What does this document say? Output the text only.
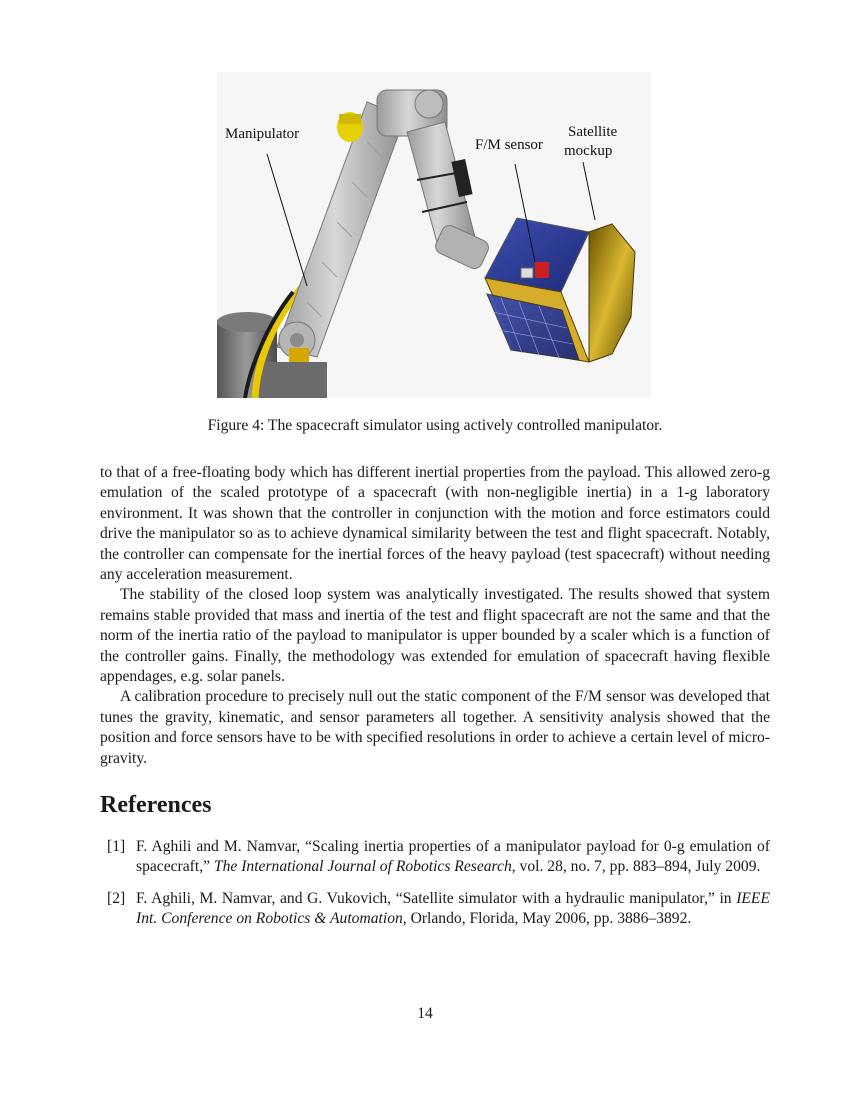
Manipulator
F/M sensor
Satellite
mockup
Figure 4: The spacecraft simulator using actively controlled manipulator.

to that of a free-floating body which has different inertial properties from the payload. This allowed zero-g emulation of the scaled prototype of a spacecraft (with non-negligible inertia) in a 1-g laboratory environment. It was shown that the controller in conjunction with the motion and force estimators could drive the manipulator so as to achieve dynamical similarity between the test and flight spacecraft. Notably, the controller can compensate for the inertial forces of the heavy payload (test spacecraft) without needing any acceleration measurement.

The stability of the closed loop system was analytically investigated. The results showed that system remains stable provided that mass and inertia of the test and flight spacecraft are not the same and that the norm of the inertia ratio of the payload to manipulator is upper bounded by a scaler which is a function of the controller gains. Finally, the methodology was extended for emulation of spacecraft having flexible appendages, e.g. solar panels.

A calibration procedure to precisely null out the static component of the F/M sensor was developed that tunes the gravity, kinematic, and sensor parameters all together. A sensitivity analysis showed that the position and force sensors have to be with specified resolutions in order to achieve a certain level of micro-gravity.

References
[1] F. Aghili and M. Namvar, “Scaling inertia properties of a manipulator payload for 0-g emulation of spacecraft,” The International Journal of Robotics Research, vol. 28, no. 7, pp. 883–894, July 2009.
[2] F. Aghili, M. Namvar, and G. Vukovich, “Satellite simulator with a hydraulic manipulator,” in IEEE Int. Conference on Robotics & Automation, Orlando, Florida, May 2006, pp. 3886–3892.
14
